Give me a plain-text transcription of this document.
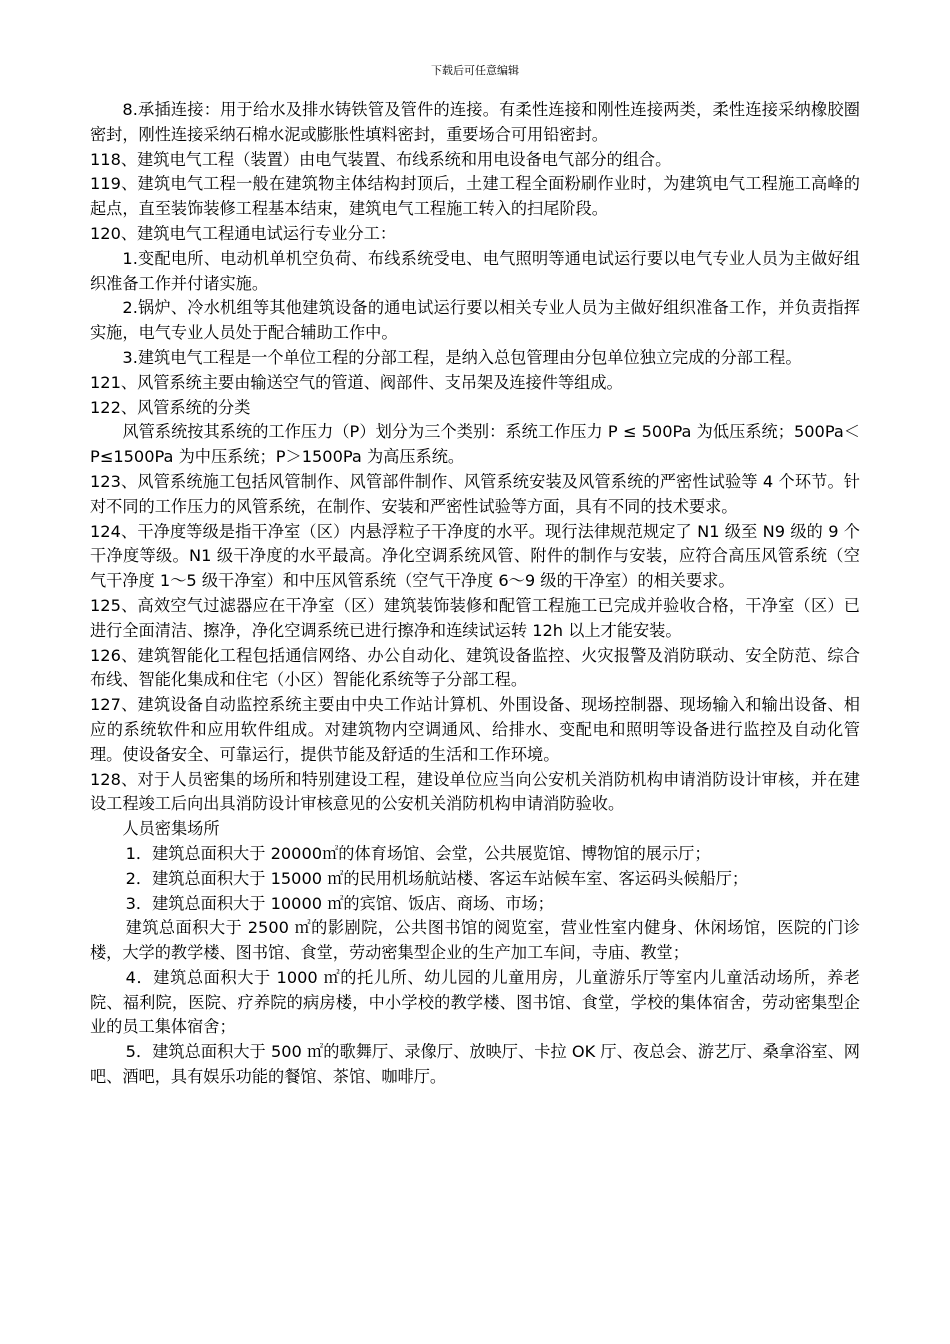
下载后可任意编辑

8.承插连接：用于给水及排水铸铁管及管件的连接。有柔性连接和刚性连接两类，柔性连接采纳橡胶圈密封，刚性连接采纳石棉水泥或膨胀性填料密封，重要场合可用铅密封。

118、建筑电气工程（装置）由电气装置、布线系统和用电设备电气部分的组合。

119、建筑电气工程一般在建筑物主体结构封顶后，土建工程全面粉刷作业时，为建筑电气工程施工高峰的起点，直至装饰装修工程基本结束，建筑电气工程施工转入的扫尾阶段。

120、建筑电气工程通电试运行专业分工：

1.变配电所、电动机单机空负荷、布线系统受电、电气照明等通电试运行要以电气专业人员为主做好组织准备工作并付诸实施。

2.锅炉、冷水机组等其他建筑设备的通电试运行要以相关专业人员为主做好组织准备工作，并负责指挥实施，电气专业人员处于配合辅助工作中。

3.建筑电气工程是一个单位工程的分部工程，是纳入总包管理由分包单位独立完成的分部工程。

121、风管系统主要由输送空气的管道、阀部件、支吊架及连接件等组成。

122、风管系统的分类

风管系统按其系统的工作压力（P）划分为三个类别：系统工作压力 P ≤ 500Pa 为低压系统；500Pa＜P≤1500Pa 为中压系统；P＞1500Pa 为高压系统。

123、风管系统施工包括风管制作、风管部件制作、风管系统安装及风管系统的严密性试验等 4 个环节。针对不同的工作压力的风管系统，在制作、安装和严密性试验等方面，具有不同的技术要求。

124、干净度等级是指干净室（区）内悬浮粒子干净度的水平。现行法律规范规定了 N1 级至 N9 级的 9 个干净度等级。N1 级干净度的水平最高。净化空调系统风管、附件的制作与安装，应符合高压风管系统（空气干净度 1～5 级干净室）和中压风管系统（空气干净度 6～9 级的干净室）的相关要求。

125、高效空气过滤器应在干净室（区）建筑装饰装修和配管工程施工已完成并验收合格，干净室（区）已进行全面清洁、擦净，净化空调系统已进行擦净和连续试运转 12h 以上才能安装。

126、建筑智能化工程包括通信网络、办公自动化、建筑设备监控、火灾报警及消防联动、安全防范、综合布线、智能化集成和住宅（小区）智能化系统等子分部工程。

127、建筑设备自动监控系统主要由中央工作站计算机、外围设备、现场控制器、现场输入和输出设备、相应的系统软件和应用软件组成。对建筑物内空调通风、给排水、变配电和照明等设备进行监控及自动化管理。使设备安全、可靠运行，提供节能及舒适的生活和工作环境。

128、对于人员密集的场所和特别建设工程，建设单位应当向公安机关消防机构申请消防设计审核，并在建设工程竣工后向出具消防设计审核意见的公安机关消防机构申请消防验收。

人员密集场所

1．建筑总面积大于 20000㎡的体育场馆、会堂，公共展览馆、博物馆的展示厅；

2．建筑总面积大于 15000 ㎡的民用机场航站楼、客运车站候车室、客运码头候船厅；

3．建筑总面积大于 10000 ㎡的宾馆、饭店、商场、市场；

建筑总面积大于 2500 ㎡的影剧院，公共图书馆的阅览室，营业性室内健身、休闲场馆，医院的门诊楼，大学的教学楼、图书馆、食堂，劳动密集型企业的生产加工车间，寺庙、教堂；

4．建筑总面积大于 1000 ㎡的托儿所、幼儿园的儿童用房，儿童游乐厅等室内儿童活动场所，养老院、福利院，医院、疗养院的病房楼，中小学校的教学楼、图书馆、食堂，学校的集体宿舍，劳动密集型企业的员工集体宿舍；

5．建筑总面积大于 500 ㎡的歌舞厅、录像厅、放映厅、卡拉 OK 厅、夜总会、游艺厅、桑拿浴室、网吧、酒吧，具有娱乐功能的餐馆、茶馆、咖啡厅。
